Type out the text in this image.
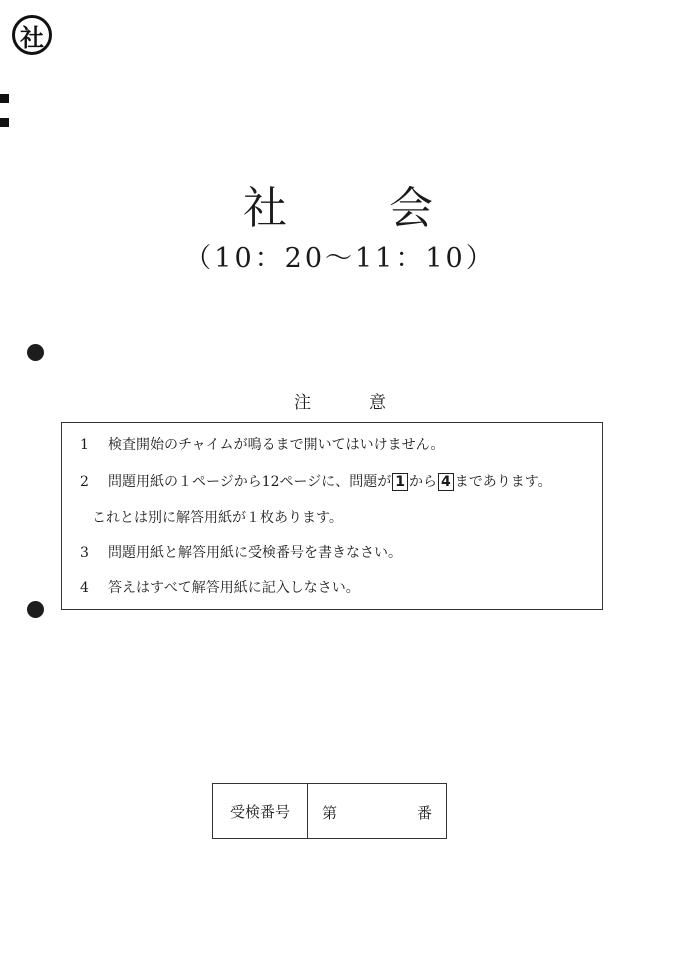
社
社 会
（10：20〜11：10）
注	意
1 検査開始のチャイムが鳴るまで開いてはいけません。
2 問題用紙の１ページから12ページに、問題が 1 から 4 まであります。
これとは別に解答用紙が１枚あります。
3 問題用紙と解答用紙に受検番号を書きなさい。
4 答えはすべて解答用紙に記入しなさい。
受検番号	第	番
